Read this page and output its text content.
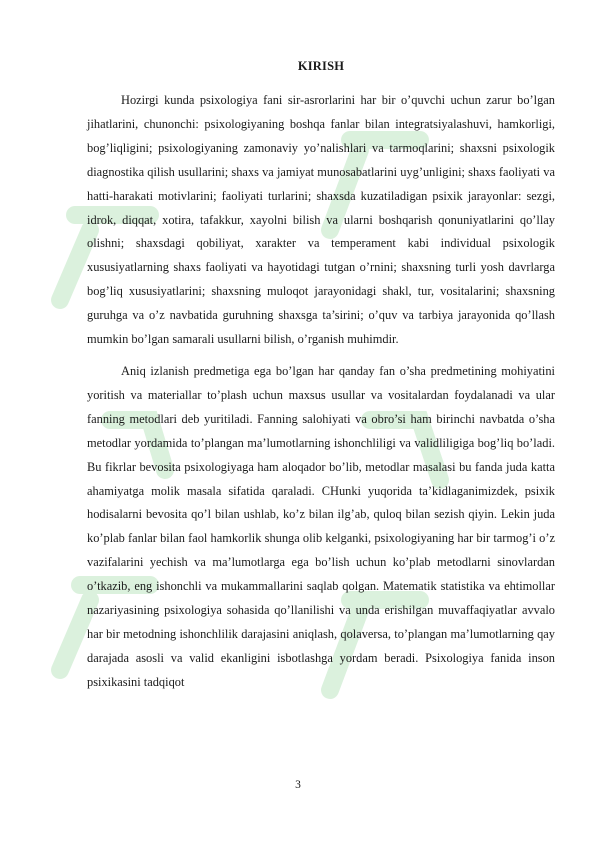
​
KIRISH

Hozirgi kunda psixologiya fani sir-asrorlarini har bir o’quvchi uchun zarur bo’lgan jihatlarini, chunonchi: psixologiyaning boshqa fanlar bilan integratsiyalashuvi, hamkorligi, bog’liqligini; psixologiyaning zamonaviy yo’nalishlari va tarmoqlarini; shaxsni psixologik diagnostika qilish usullarini; shaxs va jamiyat munosabatlarini uyg’unligini; shaxs faoliyati va hatti-harakati motivlarini; faoliyati turlarini; shaxsda kuzatiladigan psixik jarayonlar: sezgi, idrok, diqqat, xotira, tafakkur, xayolni bilish va ularni boshqarish qonuniyatlarini qo’llay olishni; shaxsdagi qobiliyat, xarakter va temperament kabi individual psixologik xususiyatlarning shaxs faoliyati va hayotidagi tutgan o’rnini; shaxsning turli yosh davrlarga bog’liq xususiyatlarini; shaxsning muloqot jarayonidagi shakl, tur, vositalarini; shaxsning guruhga va o’z navbatida guruhning shaxsga ta’sirini; o’quv va tarbiya jarayonida qo’llash mumkin bo’lgan samarali usullarni bilish, o’rganish muhimdir.

Aniq izlanish predmetiga ega bo’lgan har qanday fan o’sha predmetining mohiyatini yoritish va materiallar to’plash uchun maxsus usullar va vositalardan foydalanadi va ular fanning metodlari deb yuritiladi. Fanning salohiyati va obro’si ham birinchi navbatda o’sha metodlar yordamida to’plangan ma’lumotlarning ishonchliligi va validliligiga bog’liq bo’ladi. Bu fikrlar bevosita psixologiyaga ham aloqador bo’lib, metodlar masalasi bu fanda juda katta ahamiyatga molik masala sifatida qaraladi. CHunki yuqorida ta’kidlaganimizdek, psixik hodisalarni bevosita qo’l bilan ushlab, ko’z bilan ilg’ab, quloq bilan sezish qiyin. Lekin juda ko’plab fanlar bilan faol hamkorlik shunga olib kelganki, psixologiyaning har bir tarmog’i o’z vazifalarini yechish va ma’lumotlarga ega bo’lish uchun ko’plab metodlarni sinovlardan o’tkazib, eng ishonchli va mukammallarini saqlab qolgan. Matematik statistika va ehtimollar nazariyasining psixologiya sohasida qo’llanilishi va unda erishilgan muvaffaqiyatlar avvalo har bir metodning ishonchlilik darajasini aniqlash, qolaversa, to’plangan ma’lumotlarning qay darajada asosli va valid ekanligini isbotlashga yordam beradi. Psixologiya fanida inson psixikasini tadqiqot

3
